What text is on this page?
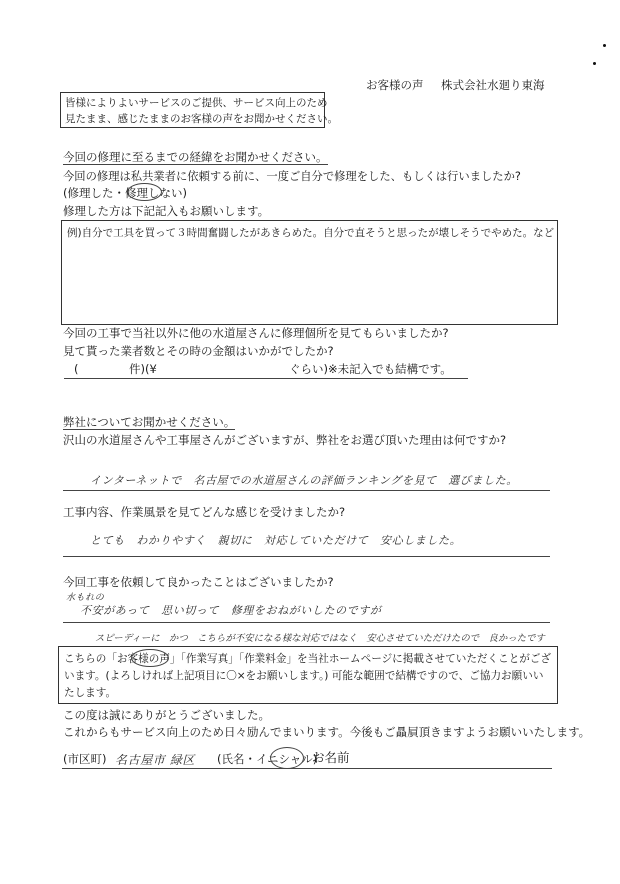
お客様の声 株式会社水廻り東海
皆様によりよいサービスのご提供、サービス向上のため
見たまま、感じたままのお客様の声をお聞かせください。
今回の修理に至るまでの経緯をお聞かせください。
今回の修理は私共業者に依頼する前に、一度ご自分で修理をした、もしくは行いましたか?
(修理した・修理しない)
修理した方は下記記入もお願いします。
例)自分で工具を買って３時間奮闘したがあきらめた。自分で直そうと思ったが壊しそうでやめた。など
今回の工事で当社以外に他の水道屋さんに修理個所を見てもらいましたか?
見て貰った業者数とその時の金額はいかがでしたか?
(	件)(¥	ぐらい)※未記入でも結構です。
弊社についてお聞かせください。
沢山の水道屋さんや工事屋さんがございますが、弊社をお選び頂いた理由は何ですか?
インターネットで　名古屋での水道屋さんの評価ランキングを見て　選びました。
工事内容、作業風景を見てどんな感じを受けましたか?
とても　わかりやすく　親切に　対応していただけて　安心しました。
今回工事を依頼して良かったことはございましたか?
水もれの
不安があって　思い切って　修理をおねがいしたのですが
スピーディーに　かつ　こちらが不安になる様な対応ではなく　安心させていただけたので　良かったです
こちらの「お客様の声」「作業写真」「作業料金」を当社ホームページに掲載させていただくことがござ
います。(よろしければ上記項目に〇×をお願いします。) 可能な範囲で結構ですので、ご協力お願いい
たします。
この度は誠にありがとうございました。
これからもサービス向上のため日々励んでまいります。今後もご贔屓頂きますようお願いいたします。
(市区町) 名古屋市 緑区 (氏名・イニシャル)
お名前
